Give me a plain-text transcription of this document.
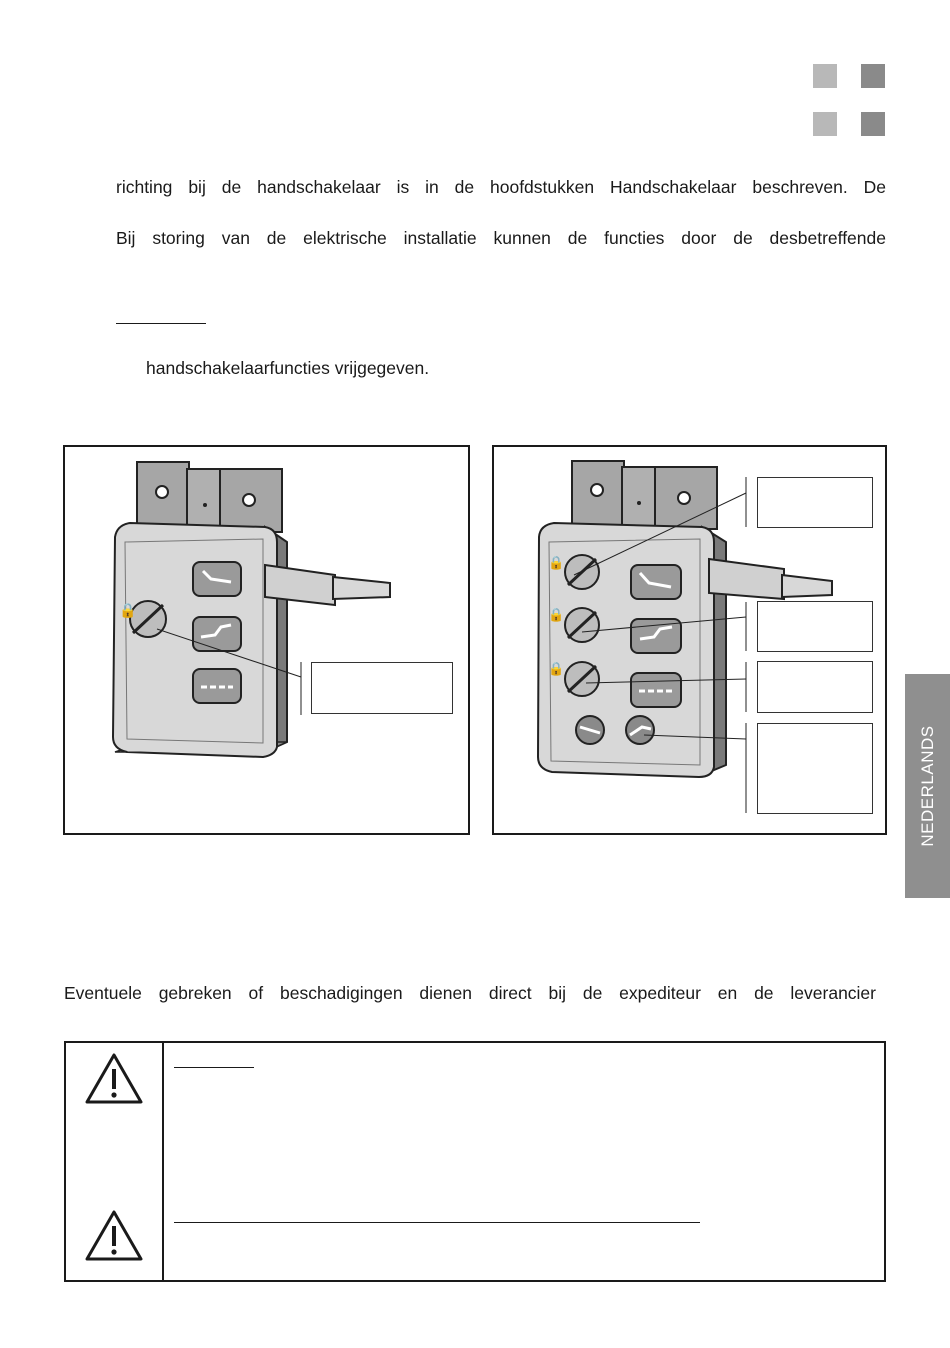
richting bij de handschakelaar is in de hoofdstukken Handschakelaar beschreven. De

Bij storing van de elektrische installatie kunnen de functies door de desbetreffende

handschakelaarfuncties vrijgegeven.

🔒
🔒
🔒
🔒
NEDERLANDS

Eventuele gebreken of beschadigingen dienen direct bij de expediteur en de leverancier
